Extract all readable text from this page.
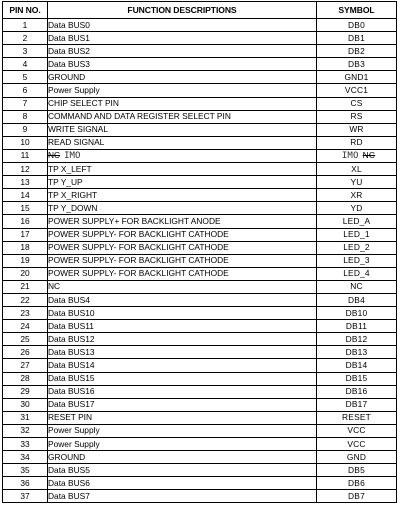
PIN NO.	FUNCTION DESCRIPTIONS	SYMBOL
1	Data BUS0	DB0
2	Data BUS1	DB1
3	Data BUS2	DB2
4	Data BUS3	DB3
5	GROUND	GND1
6	Power Supply	VCC1
7	CHIP SELECT PIN	CS
8	COMMAND AND DATA REGISTER SELECT PIN	RS
9	WRITE SIGNAL	WR
10	READ SIGNAL	RD
11	NC IMO	IMO NC
12	TP X_LEFT	XL
13	TP Y_UP	YU
14	TP X_RIGHT	XR
15	TP Y_DOWN	YD
16	POWER SUPPLY+ FOR BACKLIGHT ANODE	LED_A
17	POWER SUPPLY- FOR BACKLIGHT CATHODE	LED_1
18	POWER SUPPLY- FOR BACKLIGHT CATHODE	LED_2
19	POWER SUPPLY- FOR BACKLIGHT CATHODE	LED_3
20	POWER SUPPLY- FOR BACKLIGHT CATHODE	LED_4
21	NC	NC
22	Data BUS4	DB4
23	Data BUS10	DB10
24	Data BUS11	DB11
25	Data BUS12	DB12
26	Data BUS13	DB13
27	Data BUS14	DB14
28	Data BUS15	DB15
29	Data BUS16	DB16
30	Data BUS17	DB17
31	RESET PIN	RESET
32	Power Supply	VCC
33	Power Supply	VCC
34	GROUND	GND
35	Data BUS5	DB5
36	Data BUS6	DB6
37	Data BUS7	DB7
